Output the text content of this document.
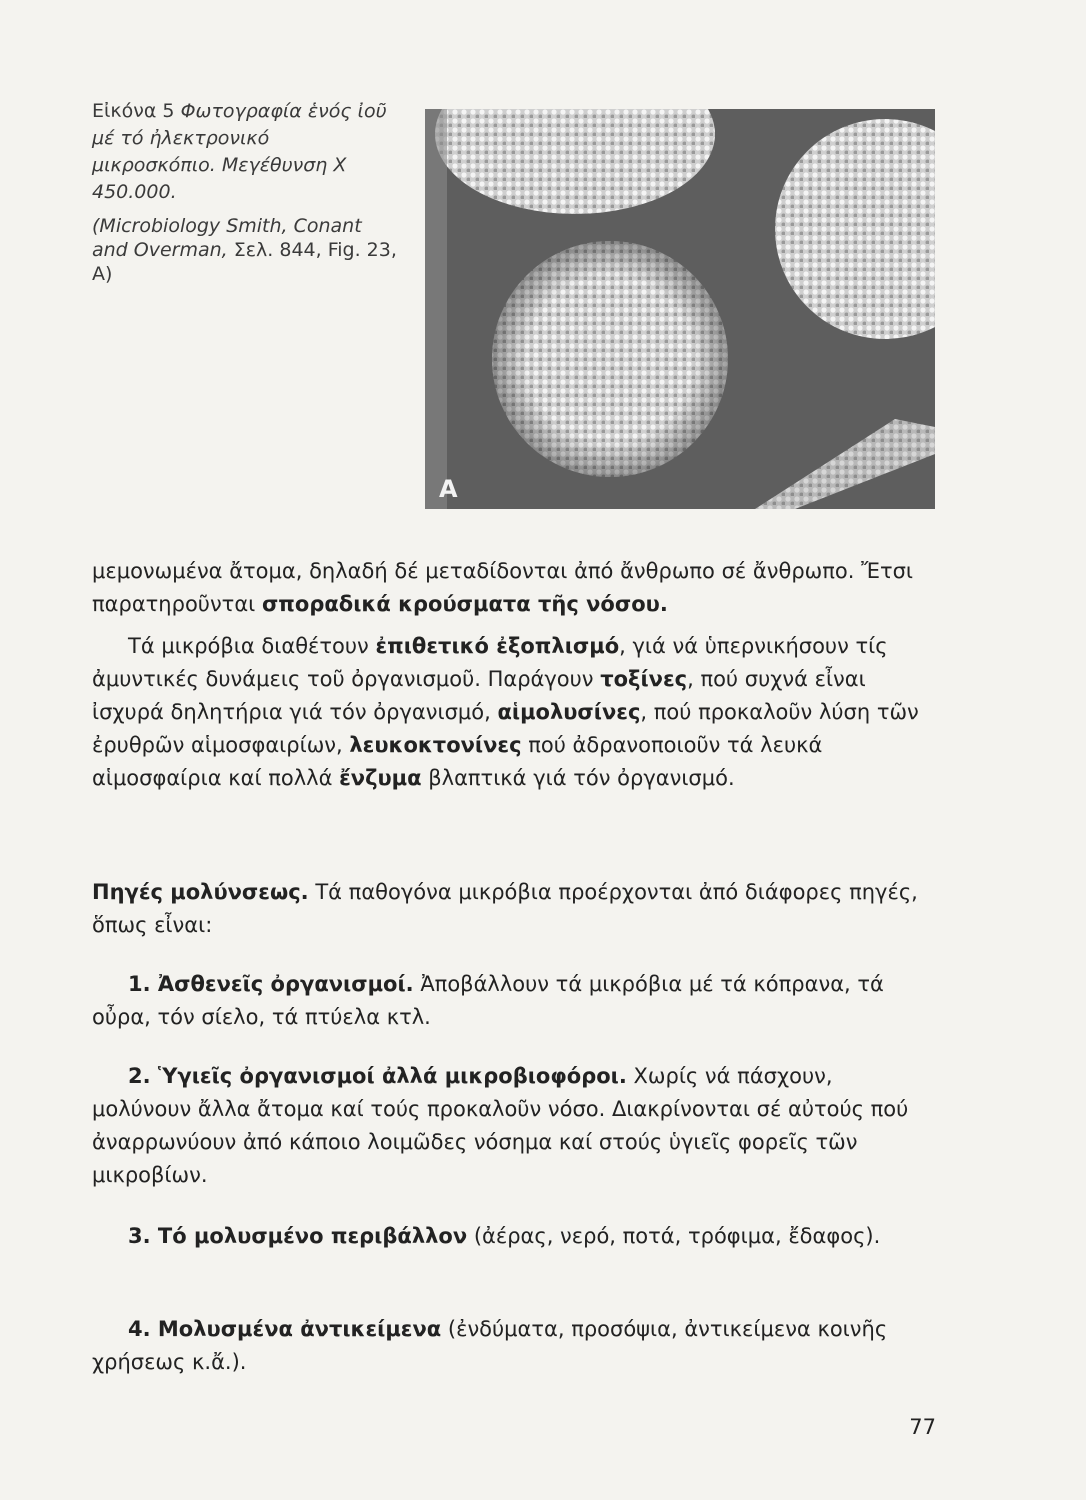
Εἰκόνα 5 Φωτογραφία ἑνός ἰοῦ μέ τό ἠλεκτρονικό μικροσκόπιο. Μεγέθυνση Χ 450.000.
(Microbiology Smith, Conant and Overman, Σελ. 844, Fig. 23, A)
A
μεμονωμένα ἄτομα, δηλαδή δέ μεταδίδονται ἀπό ἄνθρωπο σέ ἄνθρωπο. Ἔτσι παρατηροῦνται σποραδικά κρούσματα τῆς νόσου.
Τά μικρόβια διαθέτουν ἐπιθετικό ἐξοπλισμό, γιά νά ὑπερνικήσουν τίς ἀμυντικές δυνάμεις τοῦ ὀργανισμοῦ. Παράγουν τοξίνες, πού συχνά εἶναι ἰσχυρά δηλητήρια γιά τόν ὀργανισμό, αἱμολυσίνες, πού προκαλοῦν λύση τῶν ἐρυθρῶν αἱμοσφαιρίων, λευκοκτονίνες πού ἀδρανοποιοῦν τά λευκά αἱμοσφαίρια καί πολλά ἔνζυμα βλαπτικά γιά τόν ὀργανισμό.
Πηγές μολύνσεως. Τά παθογόνα μικρόβια προέρχονται ἀπό διάφορες πηγές, ὅπως εἶναι:
1. Ἀσθενεῖς ὀργανισμοί. Ἀποβάλλουν τά μικρόβια μέ τά κόπρανα, τά οὖρα, τόν σίελο, τά πτύελα κτλ.
2. Ὑγιεῖς ὀργανισμοί ἀλλά μικροβιοφόροι. Χωρίς νά πάσχουν, μολύνουν ἄλλα ἄτομα καί τούς προκαλοῦν νόσο. Διακρίνονται σέ αὐτούς πού ἀναρρωνύουν ἀπό κάποιο λοιμῶδες νόσημα καί στούς ὑγιεῖς φορεῖς τῶν μικροβίων.
3. Τό μολυσμένο περιβάλλον (ἀέρας, νερό, ποτά, τρόφιμα, ἔδαφος).
4. Μολυσμένα ἀντικείμενα (ἐνδύματα, προσόψια, ἀντικείμενα κοινῆς χρήσεως κ.ἄ.).
77
